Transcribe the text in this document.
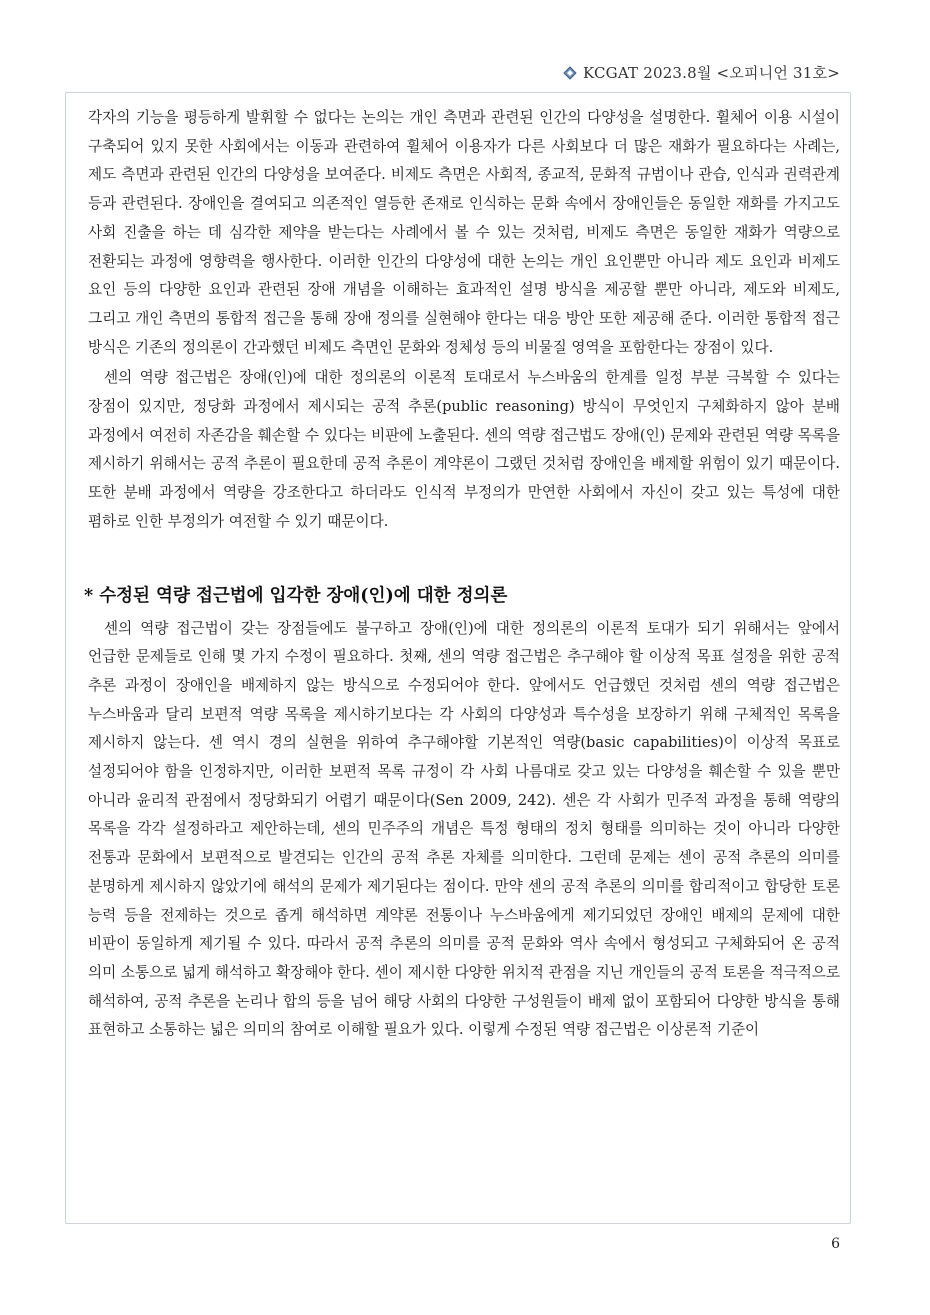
KCGAT 2023.8월 <오피니언 31호>

각자의 기능을 평등하게 발휘할 수 없다는 논의는 개인 측면과 관련된 인간의 다양성을 설명한다. 휠체어 이용 시설이 구축되어 있지 못한 사회에서는 이동과 관련하여 휠체어 이용자가 다른 사회보다 더 많은 재화가 필요하다는 사례는, 제도 측면과 관련된 인간의 다양성을 보여준다. 비제도 측면은 사회적, 종교적, 문화적 규범이나 관습, 인식과 권력관계 등과 관련된다. 장애인을 결여되고 의존적인 열등한 존재로 인식하는 문화 속에서 장애인들은 동일한 재화를 가지고도 사회 진출을 하는 데 심각한 제약을 받는다는 사례에서 볼 수 있는 것처럼, 비제도 측면은 동일한 재화가 역량으로 전환되는 과정에 영향력을 행사한다. 이러한 인간의 다양성에 대한 논의는 개인 요인뿐만 아니라 제도 요인과 비제도 요인 등의 다양한 요인과 관련된 장애 개념을 이해하는 효과적인 설명 방식을 제공할 뿐만 아니라, 제도와 비제도, 그리고 개인 측면의 통합적 접근을 통해 장애 정의를 실현해야 한다는 대응 방안 또한 제공해 준다. 이러한 통합적 접근 방식은 기존의 정의론이 간과했던 비제도 측면인 문화와 정체성 등의 비물질 영역을 포함한다는 장점이 있다.

센의 역량 접근법은 장애(인)에 대한 정의론의 이론적 토대로서 누스바움의 한계를 일정 부분 극복할 수 있다는 장점이 있지만, 정당화 과정에서 제시되는 공적 추론(public reasoning) 방식이 무엇인지 구체화하지 않아 분배 과정에서 여전히 자존감을 훼손할 수 있다는 비판에 노출된다. 센의 역량 접근법도 장애(인) 문제와 관련된 역량 목록을 제시하기 위해서는 공적 추론이 필요한데 공적 추론이 계약론이 그랬던 것처럼 장애인을 배제할 위험이 있기 때문이다. 또한 분배 과정에서 역량을 강조한다고 하더라도 인식적 부정의가 만연한 사회에서 자신이 갖고 있는 특성에 대한 폄하로 인한 부정의가 여전할 수 있기 때문이다.

* 수정된 역량 접근법에 입각한 장애(인)에 대한 정의론

센의 역량 접근법이 갖는 장점들에도 불구하고 장애(인)에 대한 정의론의 이론적 토대가 되기 위해서는 앞에서 언급한 문제들로 인해 몇 가지 수정이 필요하다. 첫째, 센의 역량 접근법은 추구해야 할 이상적 목표 설정을 위한 공적 추론 과정이 장애인을 배제하지 않는 방식으로 수정되어야 한다. 앞에서도 언급했던 것처럼 센의 역량 접근법은 누스바움과 달리 보편적 역량 목록을 제시하기보다는 각 사회의 다양성과 특수성을 보장하기 위해 구체적인 목록을 제시하지 않는다. 센 역시 경의 실현을 위하여 추구해야할 기본적인 역량(basic capabilities)이 이상적 목표로 설정되어야 함을 인정하지만, 이러한 보편적 목록 규정이 각 사회 나름대로 갖고 있는 다양성을 훼손할 수 있을 뿐만 아니라 윤리적 관점에서 정당화되기 어렵기 때문이다(Sen 2009, 242). 센은 각 사회가 민주적 과정을 통해 역량의 목록을 각각 설정하라고 제안하는데, 센의 민주주의 개념은 특정 형태의 정치 형태를 의미하는 것이 아니라 다양한 전통과 문화에서 보편적으로 발견되는 인간의 공적 추론 자체를 의미한다. 그런데 문제는 센이 공적 추론의 의미를 분명하게 제시하지 않았기에 해석의 문제가 제기된다는 점이다. 만약 센의 공적 추론의 의미를 합리적이고 합당한 토론 능력 등을 전제하는 것으로 좁게 해석하면 계약론 전통이나 누스바움에게 제기되었던 장애인 배제의 문제에 대한 비판이 동일하게 제기될 수 있다. 따라서 공적 추론의 의미를 공적 문화와 역사 속에서 형성되고 구체화되어 온 공적 의미 소통으로 넓게 해석하고 확장해야 한다. 센이 제시한 다양한 위치적 관점을 지닌 개인들의 공적 토론을 적극적으로 해석하여, 공적 추론을 논리나 합의 등을 넘어 해당 사회의 다양한 구성원들이 배제 없이 포함되어 다양한 방식을 통해 표현하고 소통하는 넓은 의미의 참여로 이해할 필요가 있다. 이렇게 수정된 역량 접근법은 이상론적 기준이

6
